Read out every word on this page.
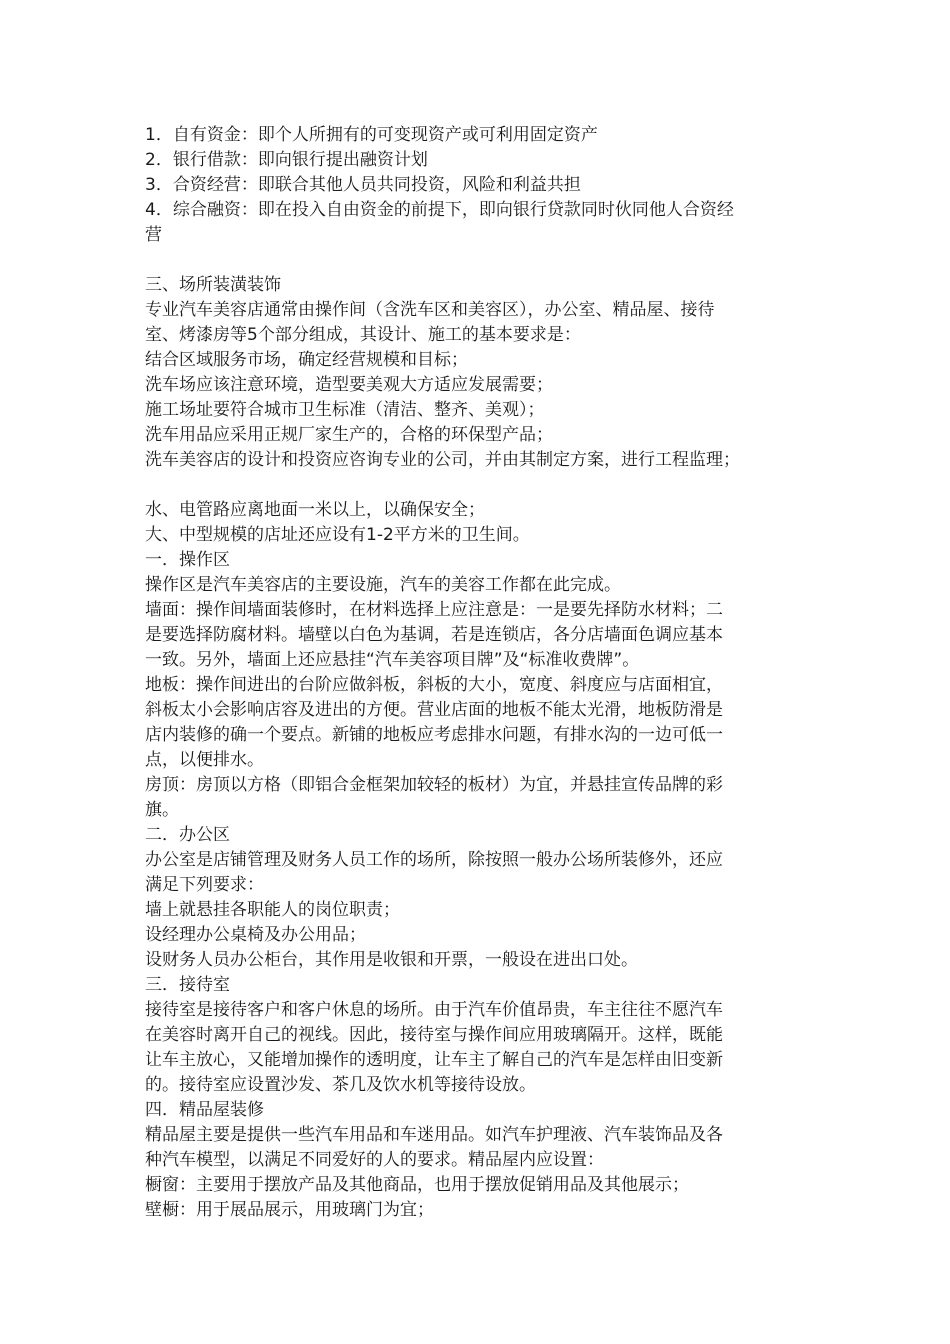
1．自有资金：即个人所拥有的可变现资产或可利用固定资产
2．银行借款：即向银行提出融资计划
3．合资经营：即联合其他人员共同投资，风险和利益共担
4．综合融资：即在投入自由资金的前提下，即向银行贷款同时伙同他人合资经
营
三、场所装潢装饰
专业汽车美容店通常由操作间（含洗车区和美容区），办公室、精品屋、接待
室、烤漆房等5个部分组成，其设计、施工的基本要求是：
结合区域服务市场，确定经营规模和目标；
洗车场应该注意环境，造型要美观大方适应发展需要；
施工场址要符合城市卫生标准（清洁、整齐、美观）；
洗车用品应采用正规厂家生产的，合格的环保型产品；
洗车美容店的设计和投资应咨询专业的公司，并由其制定方案，进行工程监理；
水、电管路应离地面一米以上，以确保安全；
大、中型规模的店址还应设有1-2平方米的卫生间。
一．操作区
操作区是汽车美容店的主要设施，汽车的美容工作都在此完成。
墙面：操作间墙面装修时，在材料选择上应注意是：一是要先择防水材料；二
是要选择防腐材料。墙壁以白色为基调，若是连锁店，各分店墙面色调应基本
一致。另外，墙面上还应悬挂“汽车美容项目牌”及“标准收费牌”。
地板：操作间进出的台阶应做斜板，斜板的大小，宽度、斜度应与店面相宜，
斜板太小会影响店容及进出的方便。营业店面的地板不能太光滑，地板防滑是
店内装修的确一个要点。新铺的地板应考虑排水问题，有排水沟的一边可低一
点，以便排水。
房顶：房顶以方格（即铝合金框架加较轻的板材）为宜，并悬挂宣传品牌的彩
旗。
二．办公区
办公室是店铺管理及财务人员工作的场所，除按照一般办公场所装修外，还应
满足下列要求：
墙上就悬挂各职能人的岗位职责；
设经理办公桌椅及办公用品；
设财务人员办公柜台，其作用是收银和开票，一般设在进出口处。
三．接待室
接待室是接待客户和客户休息的场所。由于汽车价值昂贵，车主往往不愿汽车
在美容时离开自己的视线。因此，接待室与操作间应用玻璃隔开。这样，既能
让车主放心，又能增加操作的透明度，让车主了解自己的汽车是怎样由旧变新
的。接待室应设置沙发、茶几及饮水机等接待设放。
四．精品屋装修
精品屋主要是提供一些汽车用品和车迷用品。如汽车护理液、汽车装饰品及各
种汽车模型，以满足不同爱好的人的要求。精品屋内应设置：
橱窗：主要用于摆放产品及其他商品，也用于摆放促销用品及其他展示；
壁橱：用于展品展示，用玻璃门为宜；
